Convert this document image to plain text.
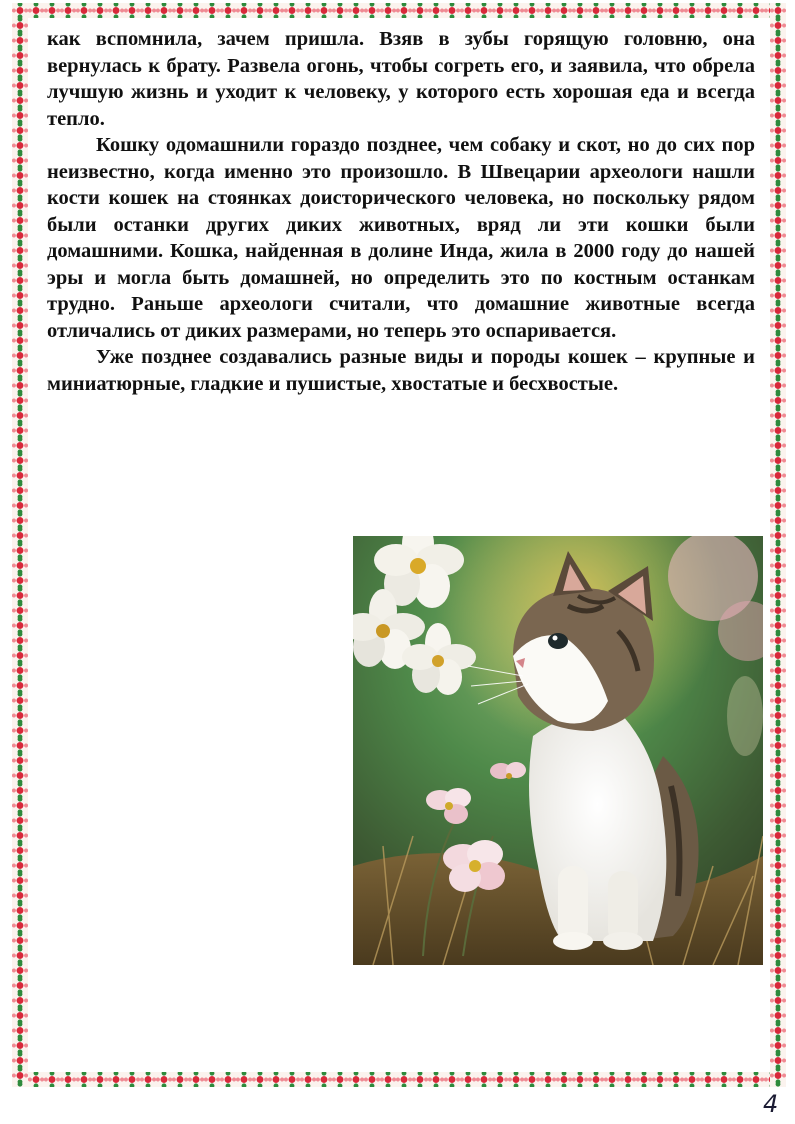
как вспомнила, зачем пришла. Взяв в зубы горящую головню, она вернулась к брату. Развела огонь, чтобы согреть его, и заявила, что обрела лучшую жизнь и уходит к человеку, у которого есть хорошая еда и всегда тепло.

Кошку одомашнили гораздо позднее, чем собаку и скот, но до сих пор неизвестно, когда именно это произошло. В Швецарии археологи нашли кости кошек на стоянках доисторического человека, но поскольку рядом были останки других диких животных, вряд ли эти кошки были домашними. Кошка, найденная в долине Инда, жила в 2000 году до нашей эры и могла быть домашней, но определить это по костным останкам трудно. Раньше археологи считали, что домашние животные всегда отличались от диких размерами, но теперь это оспаривается.

Уже позднее создавались разные виды и породы кошек – крупные и миниатюрные, гладкие и пушистые, хвостатые и бесхвостые.

4
